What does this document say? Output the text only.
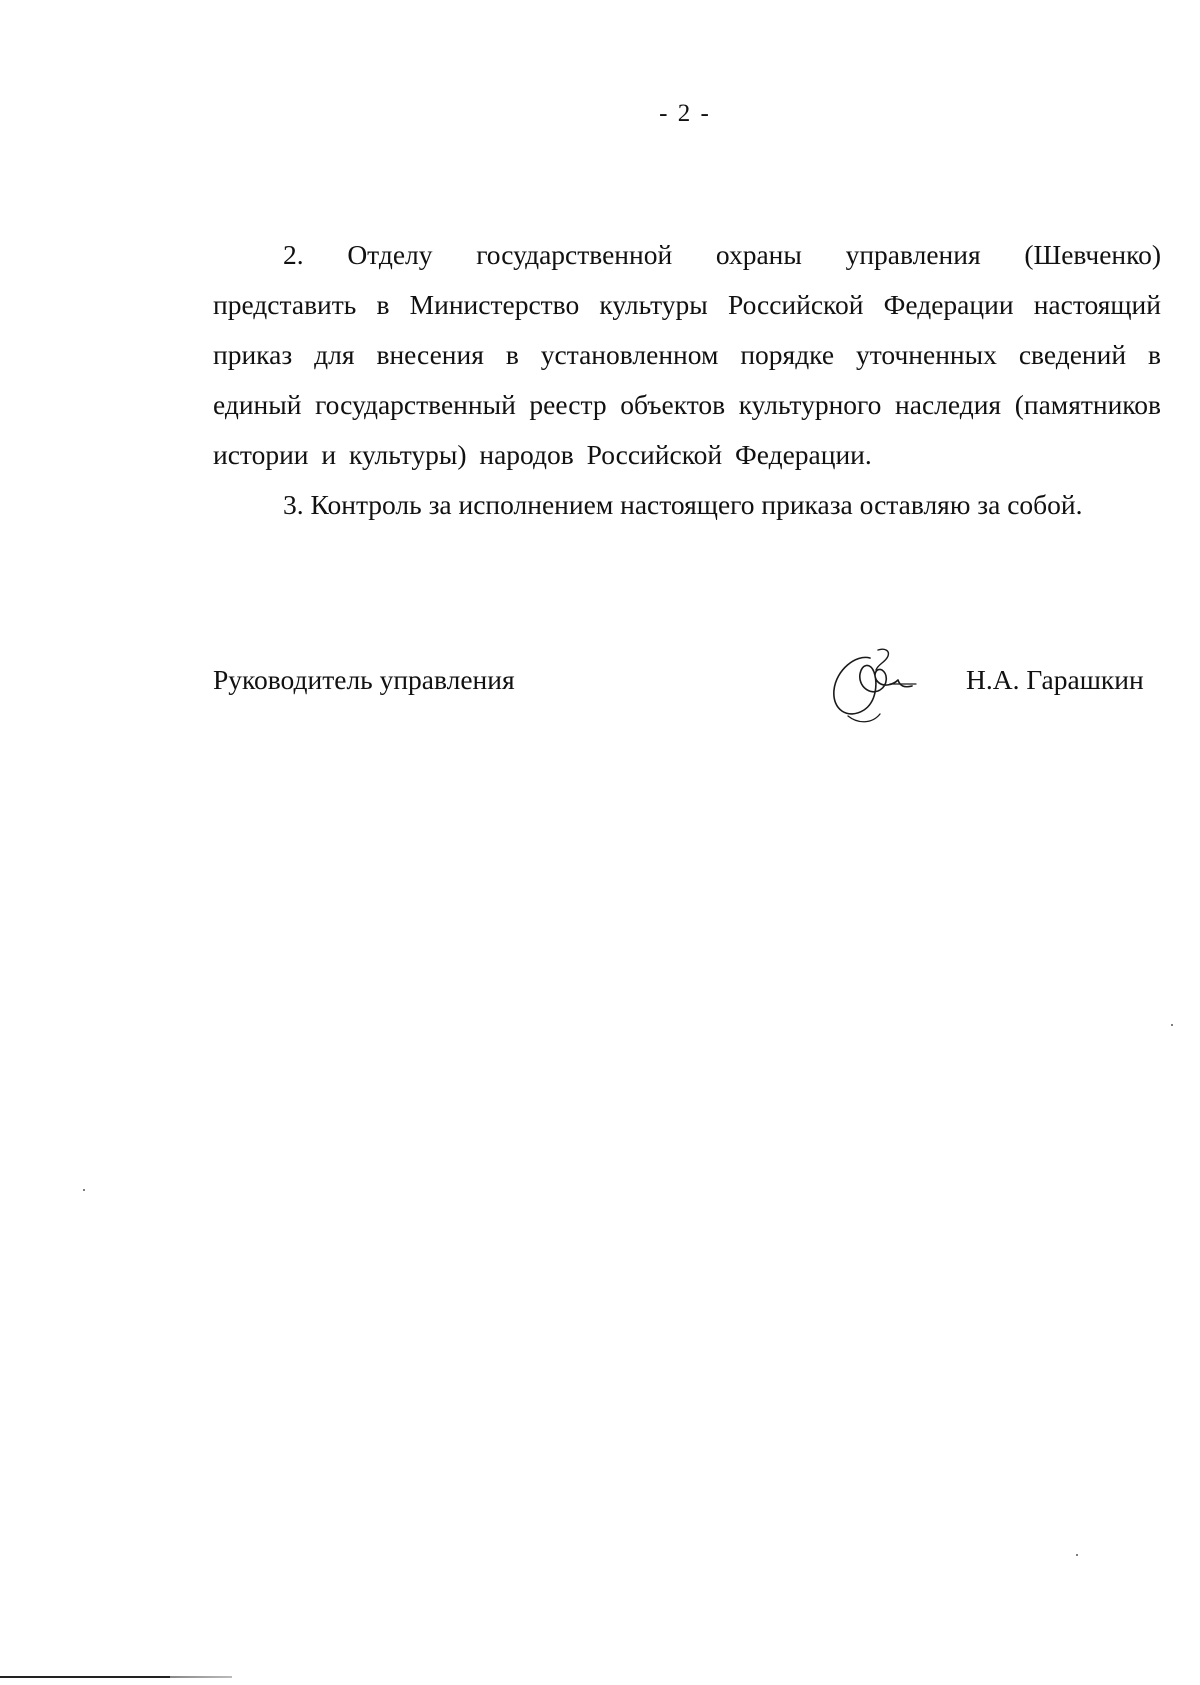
- 2 -

2. Отделу государственной охраны управления (Шевченко) представить в Министерство культуры Российской Федерации настоящий приказ для внесения в установленном порядке уточненных сведений в единый государственный реестр объектов культурного наследия (памятников истории и культуры) народов Российской Федерации.

3. Контроль за исполнением настоящего приказа оставляю за собой.

Руководитель управления	Н.А. Гарашкин
